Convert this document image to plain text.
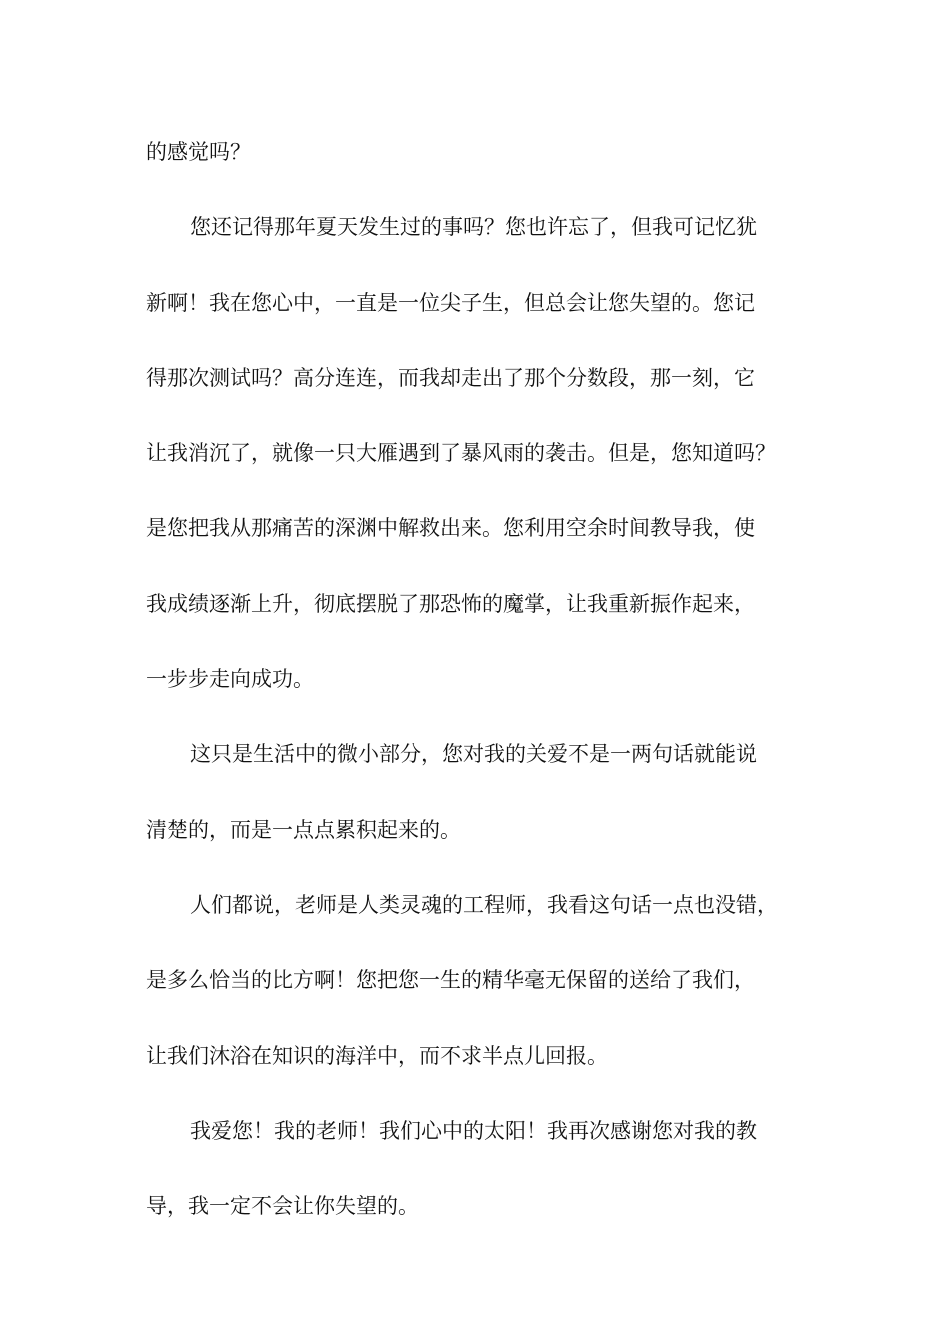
的感觉吗？
您还记得那年夏天发生过的事吗？您也许忘了，但我可记忆犹
新啊！我在您心中，一直是一位尖子生，但总会让您失望的。您记
得那次测试吗？高分连连，而我却走出了那个分数段，那一刻，它
让我消沉了，就像一只大雁遇到了暴风雨的袭击。但是，您知道吗？
是您把我从那痛苦的深渊中解救出来。您利用空余时间教导我，使
我成绩逐渐上升，彻底摆脱了那恐怖的魔掌，让我重新振作起来，
一步步走向成功。
这只是生活中的微小部分，您对我的关爱不是一两句话就能说
清楚的，而是一点点累积起来的。
人们都说，老师是人类灵魂的工程师，我看这句话一点也没错，
是多么恰当的比方啊！您把您一生的精华毫无保留的送给了我们，
让我们沐浴在知识的海洋中，而不求半点儿回报。
我爱您！我的老师！我们心中的太阳！我再次感谢您对我的教
导，我一定不会让你失望的。
